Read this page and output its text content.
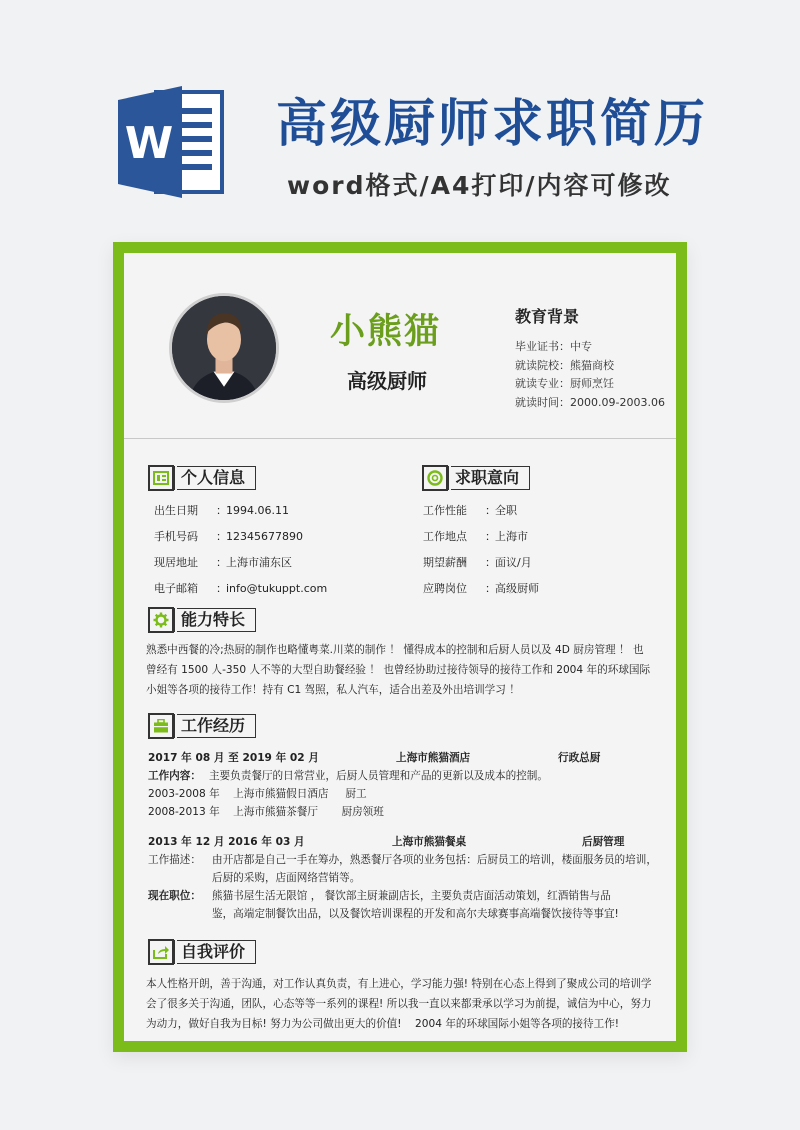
W 高级厨师求职简历
word格式/A4打印/内容可修改
小熊猫
高级厨师
教育背景
毕业证书：中专
就读院校：熊猫商校
就读专业：厨师烹饪
就读时间：2000.09-2003.06
个人信息
出生日期 ：1994.06.11
手机号码 ：12345677890
现居地址 ：上海市浦东区
电子邮箱 ：info@tukuppt.com
求职意向
工作性能 ：全职
工作地点 ：上海市
期望薪酬 ：面议/月
应聘岗位 ：高级厨师
能力特长
熟悉中西餐的冷;热厨的制作也略懂粤菜.川菜的制作 ！ 懂得成本的控制和后厨人员以及 4D 厨房管理 ！ 也
曾经有 1500 人-350 人不等的大型自助餐经验 ！ 也曾经协助过接待领导的接待工作和 2004 年的环球国际
小姐等各项的接待工作！持有 C1 驾照，私人汽车，适合出差及外出培训学习 ！
工作经历
2017 年 08 月 至 2019 年 02 月	上海市熊猫酒店	行政总厨
工作内容： 主要负责餐厅的日常营业，后厨人员管理和产品的更新以及成本的控制。
2003-2008 年    上海市熊猫假日酒店     厨工
2008-2013 年    上海市熊猫茶餐厅       厨房领班
2013 年 12 月 2016 年 03 月	上海市熊猫餐桌	后厨管理
工作描述： 由开店都是自己一手在筹办，熟悉餐厅各项的业务包括：后厨员工的培训，楼面服务员的培训，
后厨的采购，店面网络营销等。
现在职位： 熊猫书屋生活无限馆 ， 餐饮部主厨兼副店长，主要负责店面活动策划，红酒销售与品
鉴，高端定制餐饮出品，以及餐饮培训课程的开发和高尔夫球赛事高端餐饮接待等事宜!
自我评价
本人性格开朗，善于沟通，对工作认真负责，有上进心，学习能力强! 特别在心态上得到了聚成公司的培训学
会了很多关于沟通，团队，心态等等一系列的课程! 所以我一直以来都秉承以学习为前提，诚信为中心，努力
为动力，做好自我为目标! 努力为公司做出更大的价值!    2004 年的环球国际小姐等各项的接待工作!
